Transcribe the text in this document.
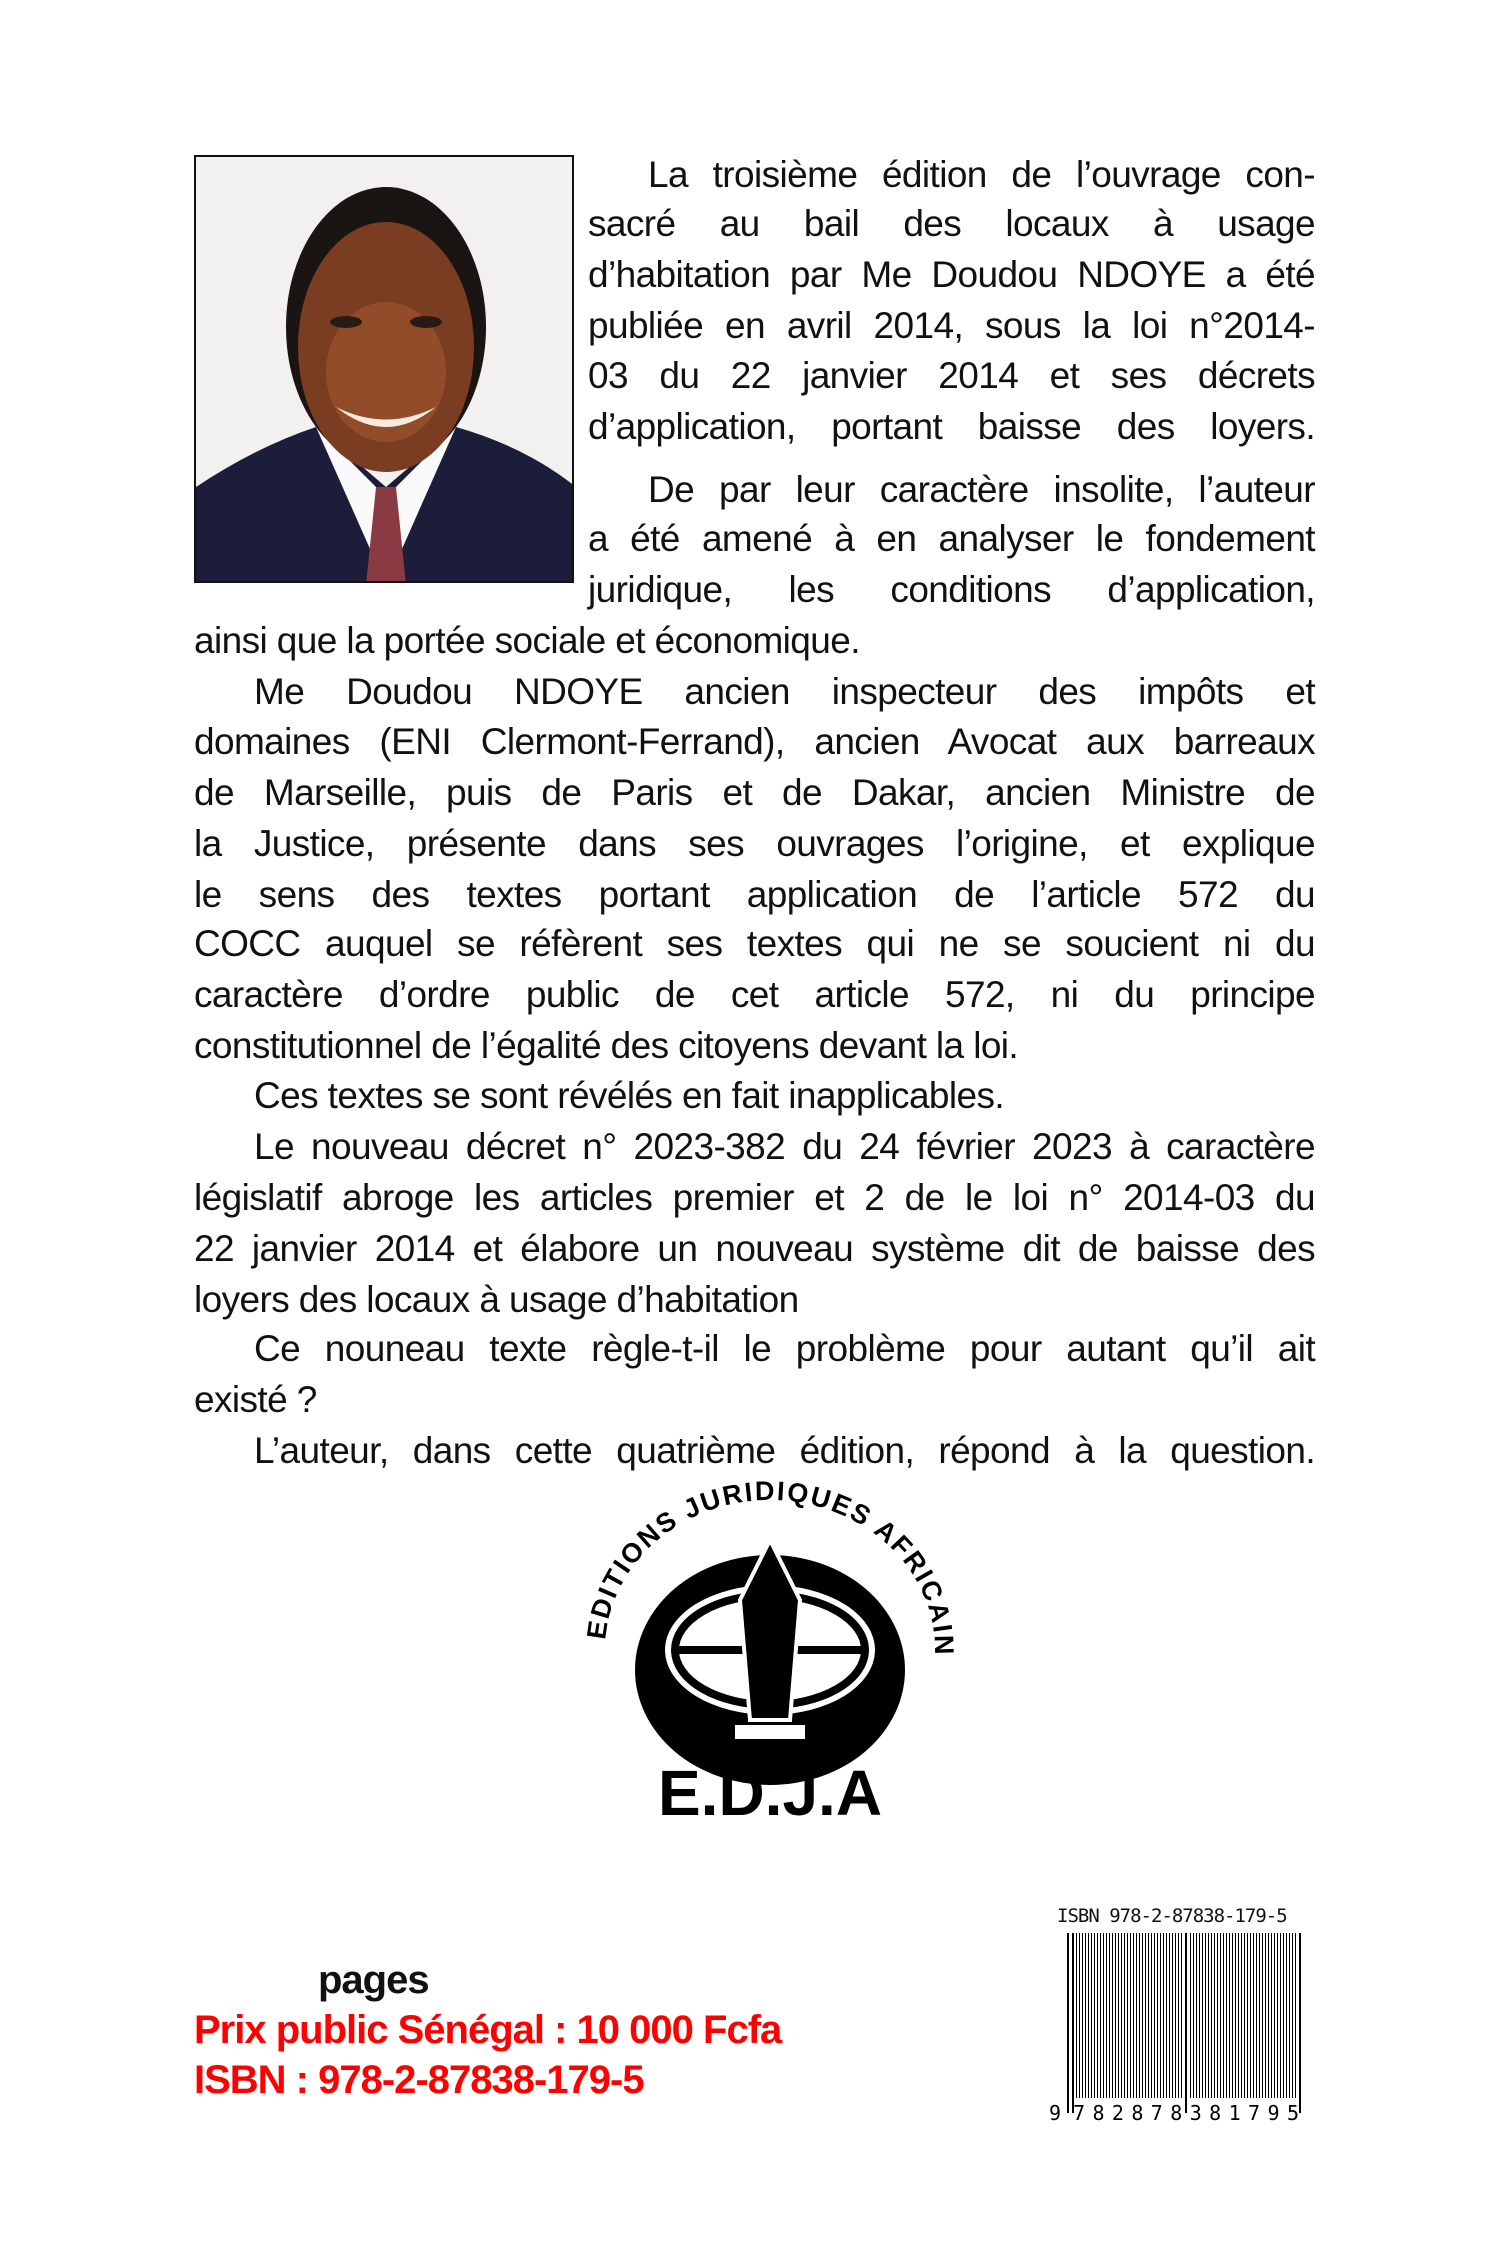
La troisième édition de l’ouvrage con-
sacré au bail des locaux à usage
d’habitation par Me Doudou NDOYE a été
publiée en avril 2014, sous la loi n°2014-
03 du 22 janvier 2014 et ses décrets
d’application, portant baisse des loyers.
De par leur caractère insolite, l’auteur
a été amené à en analyser le fondement
juridique, les conditions d’application,
ainsi que la portée sociale et économique.
Me Doudou NDOYE ancien inspecteur des impôts et
domaines (ENI Clermont-Ferrand), ancien Avocat aux barreaux
de Marseille, puis de Paris et de Dakar, ancien Ministre de
la Justice, présente dans ses ouvrages l’origine, et explique
le sens des textes portant application de l’article 572 du
COCC auquel se réfèrent ses textes qui ne se soucient ni du
caractère d’ordre public de cet article 572, ni du principe
constitutionnel de l’égalité des citoyens devant la loi.
Ces textes se sont révélés en fait inapplicables.
Le nouveau décret n° 2023-382 du 24 février 2023 à caractère
législatif abroge les articles premier et 2 de le loi n° 2014-03 du
22 janvier 2014 et élabore un nouveau système dit de baisse des
loyers des locaux à usage d’habitation
Ce nouneau texte règle-t-il le problème pour autant qu’il ait
existé ?
L’auteur, dans cette quatrième édition, répond à la question.
EDITIONS JURIDIQUES AFRICAIN
E.D.J.A
ISBN 978-2-87838-179-5
9 782878381795
pages
Prix public Sénégal : 10 000 Fcfa
ISBN : 978-2-87838-179-5
